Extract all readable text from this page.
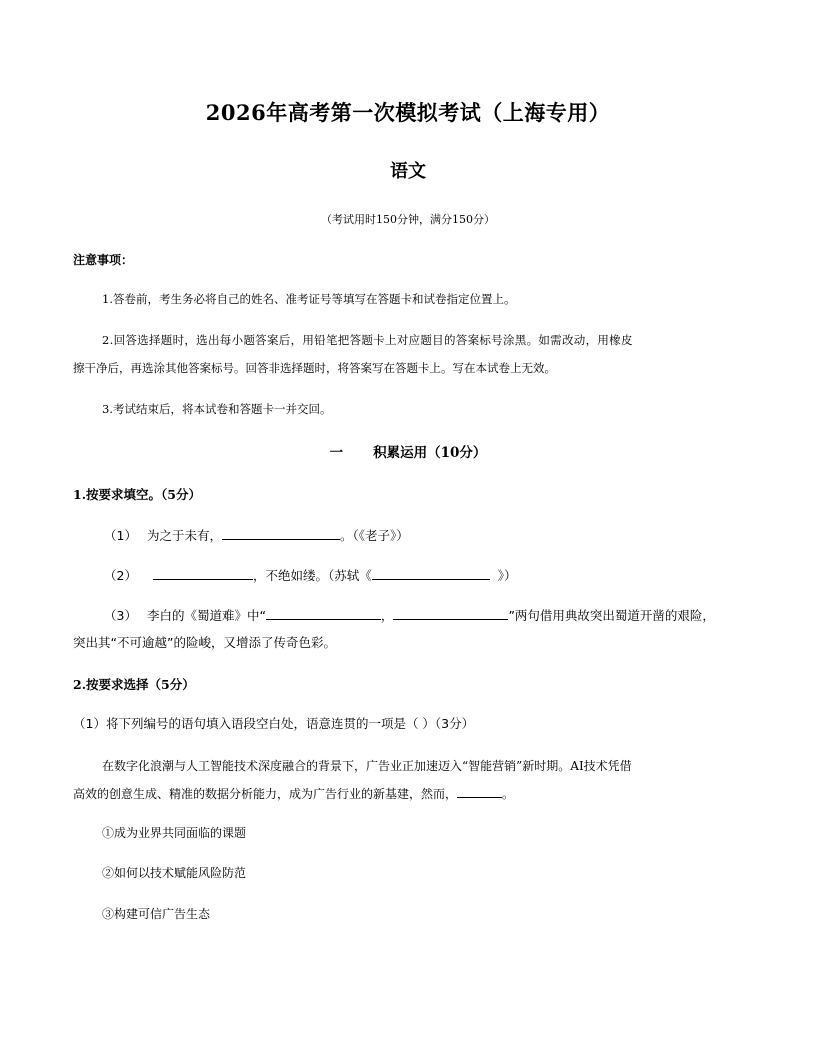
2026年高考第一次模拟考试（上海专用）
语文
（考试用时150分钟，满分150分）
注意事项：
1.答卷前，考生务必将自己的姓名、准考证号等填写在答题卡和试卷指定位置上。
2.回答选择题时，选出每小题答案后，用铅笔把答题卡上对应题目的答案标号涂黑。如需改动，用橡皮
擦干净后，再选涂其他答案标号。回答非选择题时，将答案写在答题卡上。写在本试卷上无效。
3.考试结束后，将本试卷和答题卡一并交回。
一 积累运用（10分）
1.按要求填空。（5分）
（1） 为之于未有，	。（《老子》）
（2）	，不绝如缕。（苏轼《	》）
（3） 李白的《蜀道难》中“	，	”两句借用典故突出蜀道开凿的艰险，
突出其“不可逾越”的险峻，又增添了传奇色彩。
2.按要求选择（5分）
（1）将下列编号的语句填入语段空白处，语意连贯的一项是（ ）（3分）
在数字化浪潮与人工智能技术深度融合的背景下，广告业正加速迈入“智能营销”新时期。AI技术凭借
高效的创意生成、精准的数据分析能力，成为广告行业的新基建，然而，	。
①成为业界共同面临的课题
②如何以技术赋能风险防范
③构建可信广告生态
